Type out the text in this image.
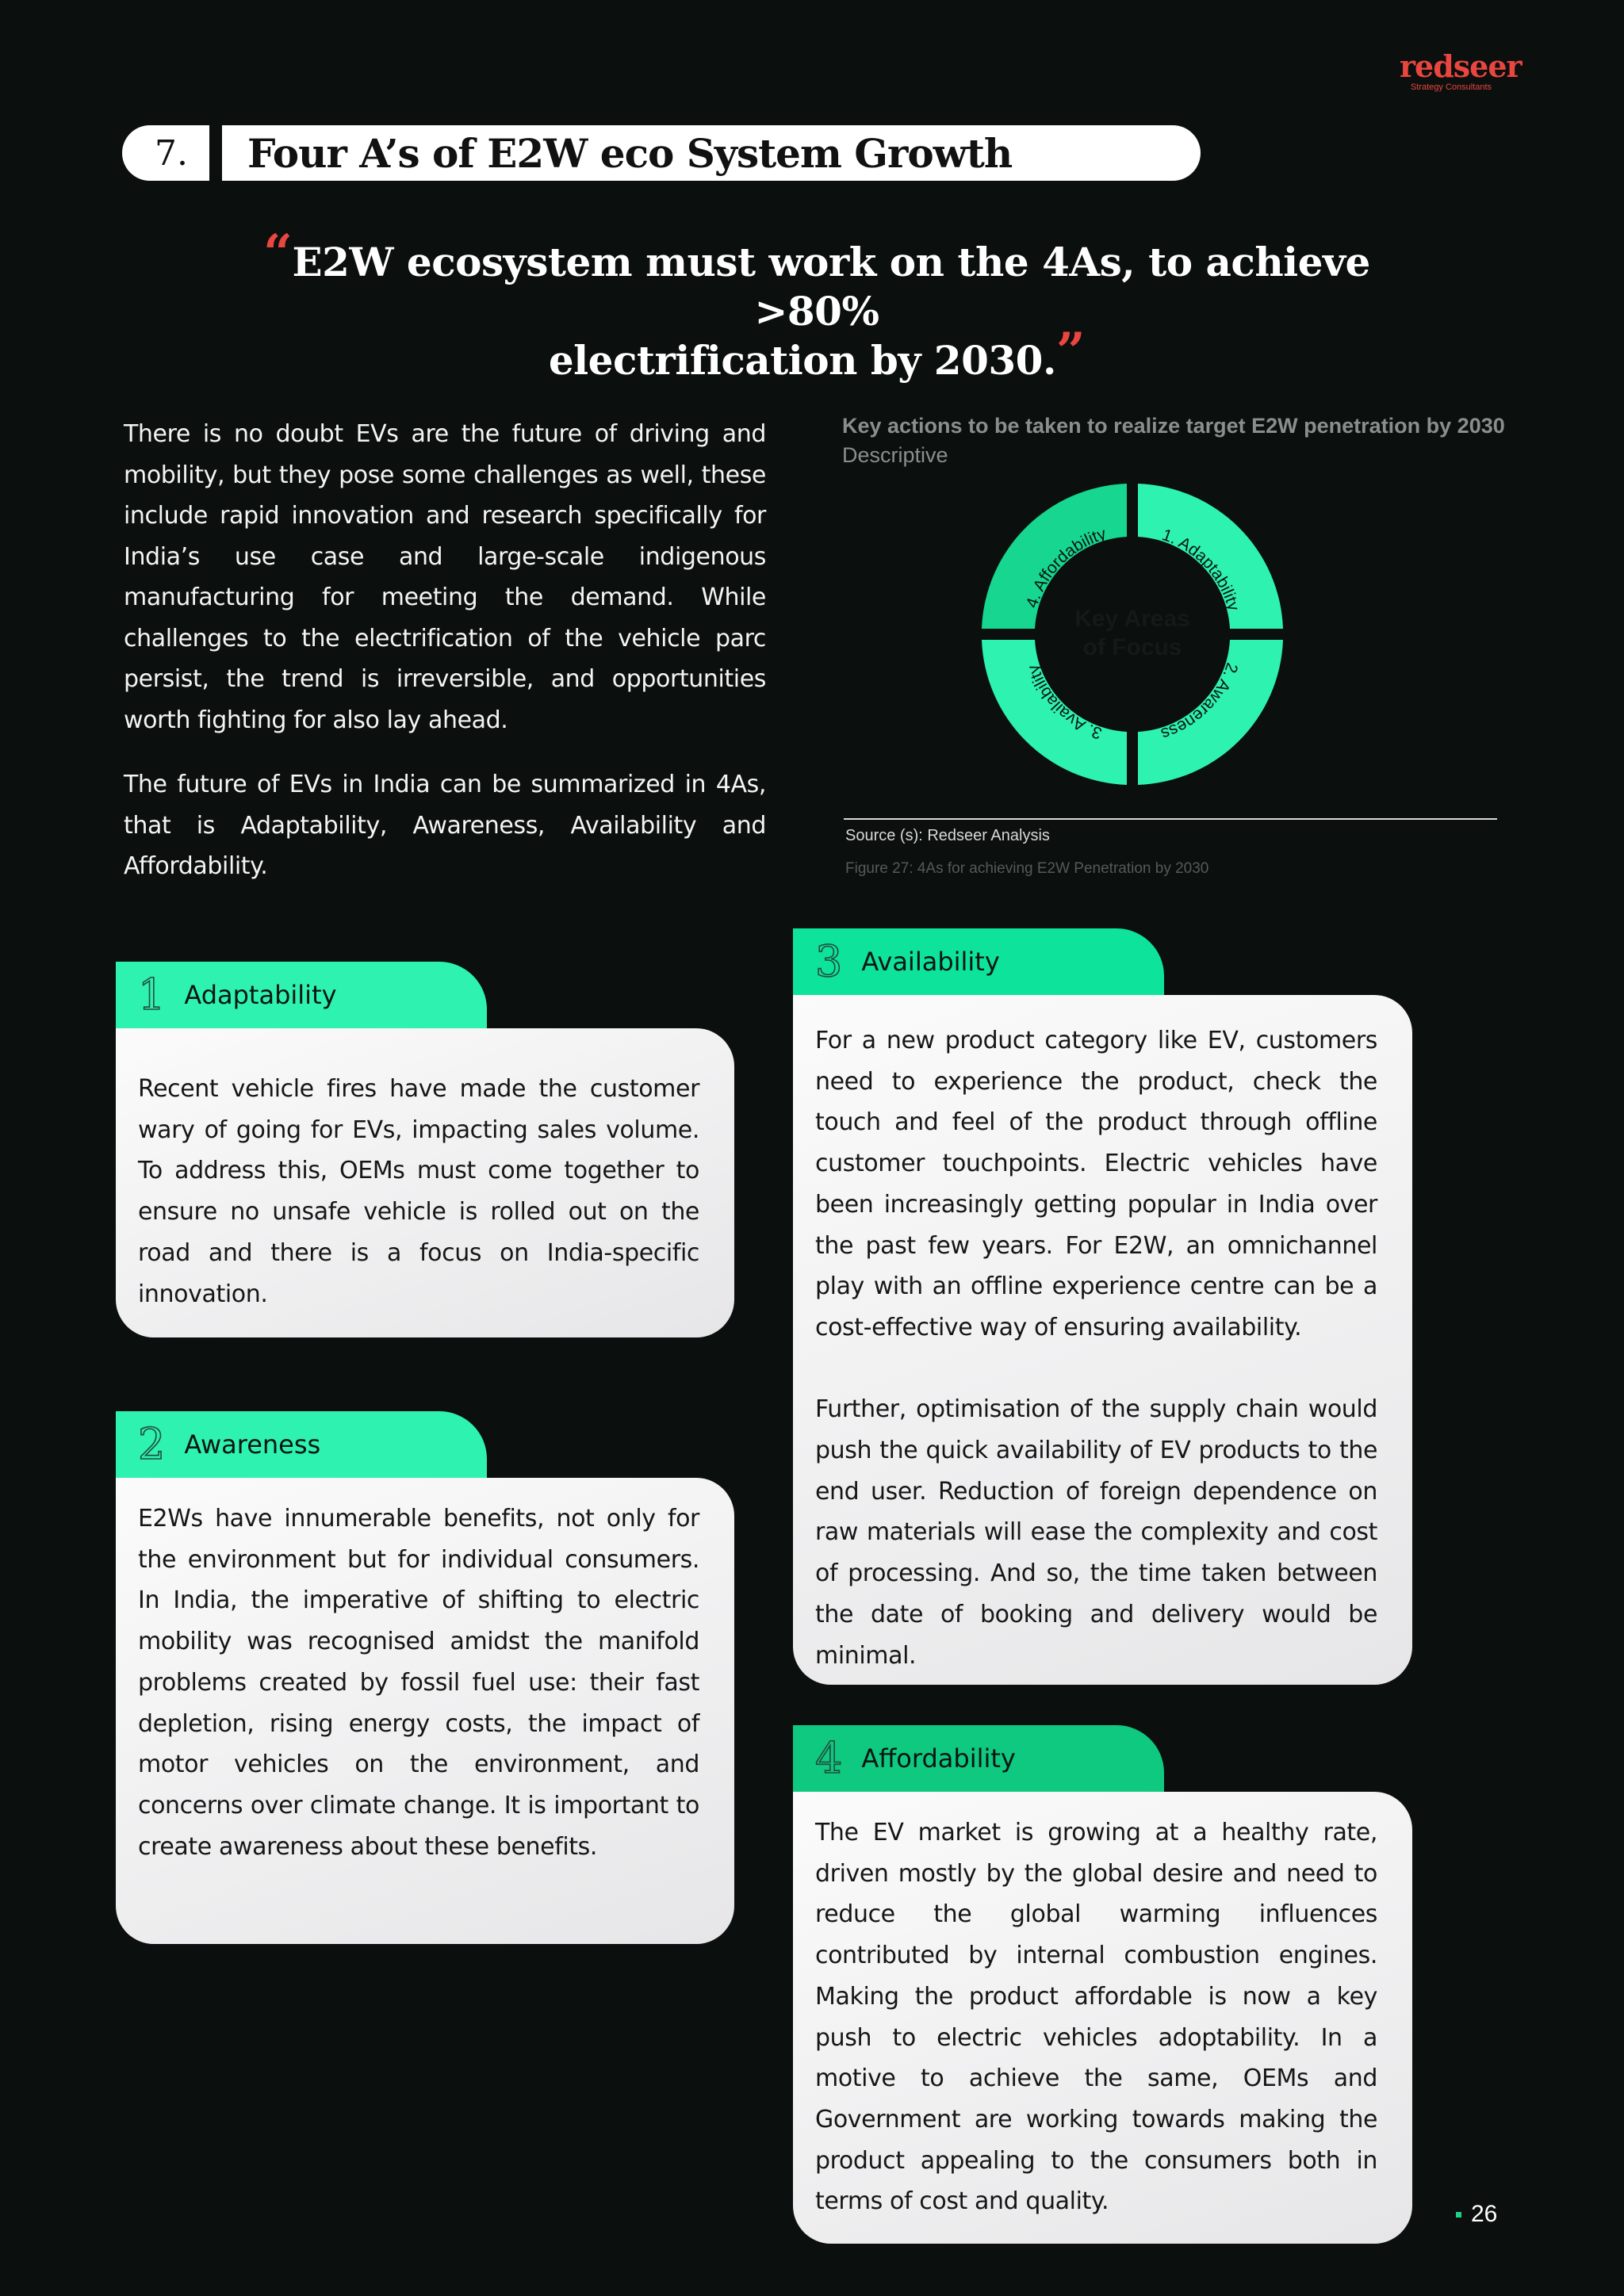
redseer
Strategy Consultants
7.	Four A’s of E2W eco System Growth
“E2W ecosystem must work on the 4As, to achieve >80%
electrification by 2030.”

There is no doubt EVs are the future of driving and mobility, but they pose some challenges as well, these include rapid innovation and research specifically for India’s use case and large-scale indigenous manufacturing for meeting the demand. While challenges to the electrification of the vehicle parc persist, the trend is irreversible, and opportunities worth fighting for also lay ahead.

The future of EVs in India can be summarized in 4As, that is Adaptability, Awareness, Availability and Affordability.

Key actions to be taken to realize target E2W penetration by 2030
Descriptive
1. Adaptability
4. Affordability
2. Awareness
3. Availability
Key Areas
of Focus
Source (s): Redseer Analysis
Figure 27: 4As for achieving E2W Penetration by 2030
1 Adaptability

Recent vehicle fires have made the customer wary of going for EVs, impacting sales volume. To address this, OEMs must come together to ensure no unsafe vehicle is rolled out on the road and there is a focus on India-specific innovation.

2 Awareness

E2Ws have innumerable benefits, not only for the environment but for individual consumers. In India, the imperative of shifting to electric mobility was recognised amidst the manifold problems created by fossil fuel use: their fast depletion, rising energy costs, the impact of motor vehicles on the environment, and concerns over climate change. It is important to create awareness about these benefits.

3 Availability

For a new product category like EV, customers need to experience the product, check the touch and feel of the product through offline customer touchpoints. Electric vehicles have been increasingly getting popular in India over the past few years. For E2W, an omnichannel play with an offline experience centre can be a cost-effective way of ensuring availability.

Further, optimisation of the supply chain would push the quick availability of EV products to the end user. Reduction of foreign dependence on raw materials will ease the complexity and cost of processing. And so, the time taken between the date of booking and delivery would be minimal.

4 Affordability

The EV market is growing at a healthy rate, driven mostly by the global desire and need to reduce the global warming influences contributed by internal combustion engines. Making the product affordable is now a key push to electric vehicles adoptability. In a motive to achieve the same, OEMs and Government are working towards making the product appealing to the consumers both in terms of cost and quality.	26
